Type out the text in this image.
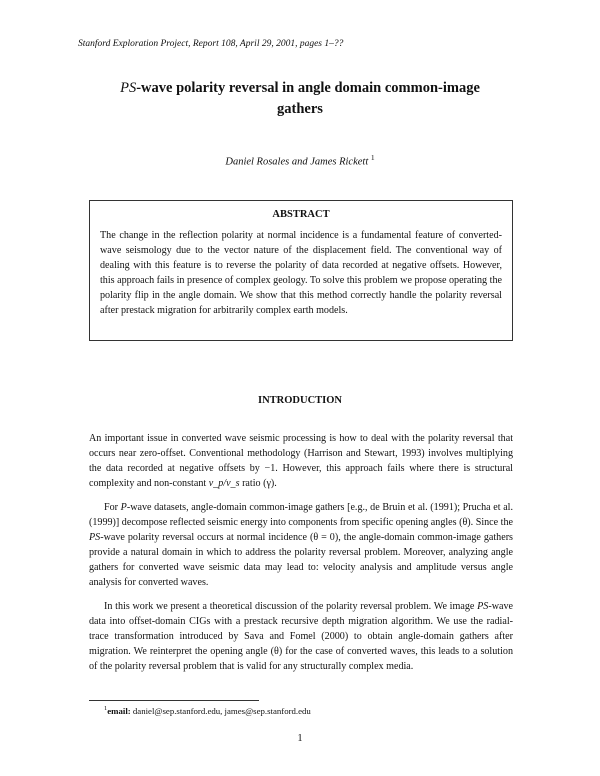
Stanford Exploration Project, Report 108, April 29, 2001, pages 1–??
PS-wave polarity reversal in angle domain common-image
gathers
Daniel Rosales and James Rickett $^1$
ABSTRACT
The change in the reflection polarity at normal incidence is a fundamental feature of converted-wave seismology due to the vector nature of the displacement field. The conventional way of dealing with this feature is to reverse the polarity of data recorded at negative offsets. However, this approach fails in presence of complex geology. To solve this problem we propose operating the polarity flip in the angle domain. We show that this method correctly handle the polarity reversal after prestack migration for arbitrarily complex earth models.
INTRODUCTION

An important issue in converted wave seismic processing is how to deal with the polarity reversal that occurs near zero-offset. Conventional methodology (Harrison and Stewart, 1993) involves multiplying the data recorded at negative offsets by −1. However, this approach fails where there is structural complexity and non-constant v_p/v_s ratio (γ).

For P-wave datasets, angle-domain common-image gathers [e.g., de Bruin et al. (1991); Prucha et al. (1999)] decompose reflected seismic energy into components from specific opening angles (θ). Since the PS-wave polarity reversal occurs at normal incidence (θ = 0), the angle-domain common-image gathers provide a natural domain in which to address the polarity reversal problem. Moreover, analyzing angle gathers for converted wave seismic data may lead to: velocity analysis and amplitude versus angle analysis for converted waves.

In this work we present a theoretical discussion of the polarity reversal problem. We image PS-wave data into offset-domain CIGs with a prestack recursive depth migration algorithm. We use the radial-trace transformation introduced by Sava and Fomel (2000) to obtain angle-domain gathers after migration. We reinterpret the opening angle (θ) for the case of converted waves, this leads to a solution of the polarity reversal problem that is valid for any structurally complex media.

$^1$email: daniel@sep.stanford.edu, james@sep.stanford.edu
1
